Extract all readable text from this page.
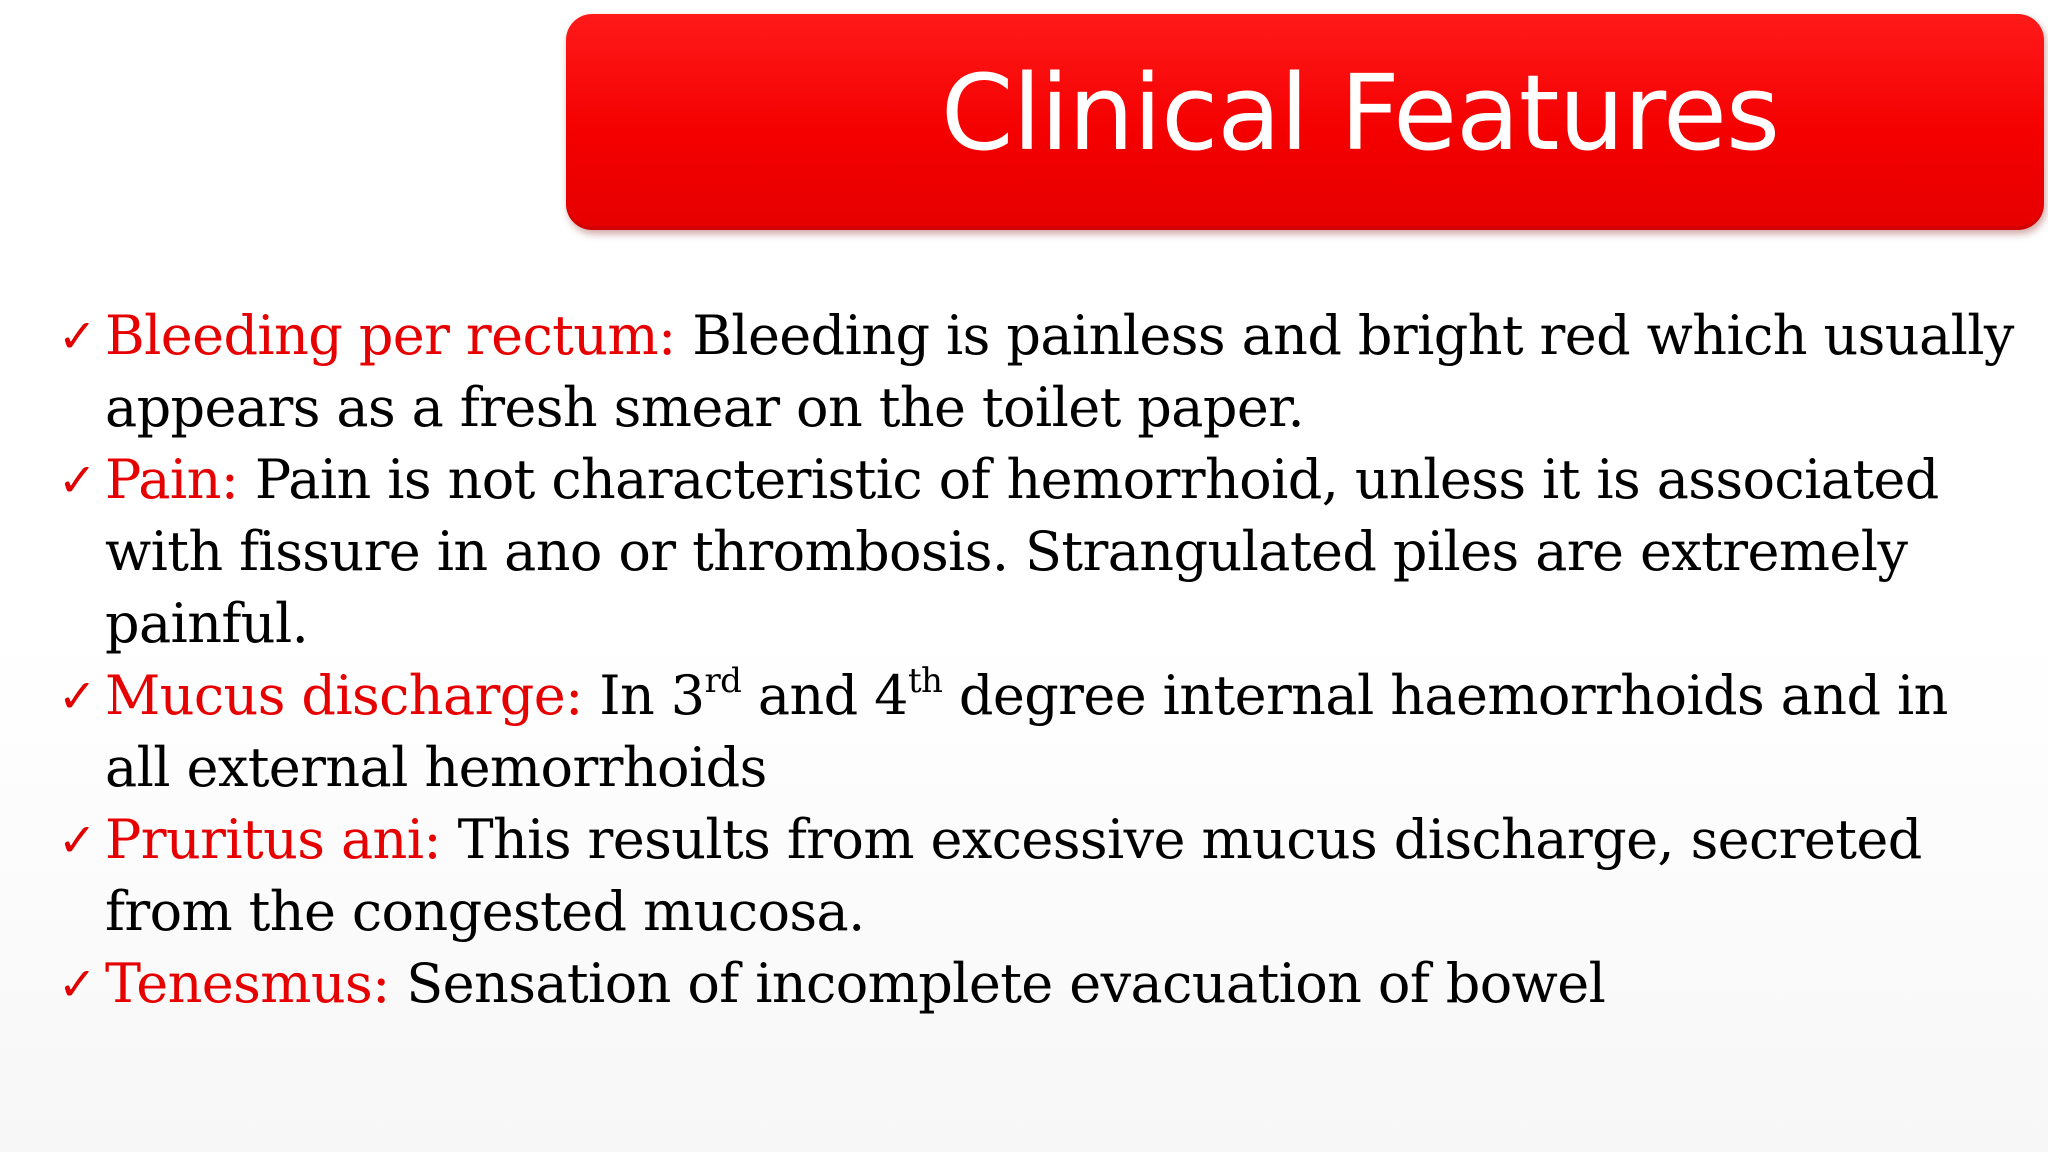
Clinical Features
✓ Bleeding per rectum: Bleeding is painless and bright red which usually appears as a fresh smear on the toilet paper.
✓ Pain: Pain is not characteristic of hemorrhoid, unless it is associated with fissure in ano or thrombosis. Strangulated piles are extremely painful.
✓ Mucus discharge: In 3rd and 4th degree internal haemorrhoids and in all external hemorrhoids
✓ Pruritus ani: This results from excessive mucus discharge, secreted from the congested mucosa.
✓ Tenesmus: Sensation of incomplete evacuation of bowel
